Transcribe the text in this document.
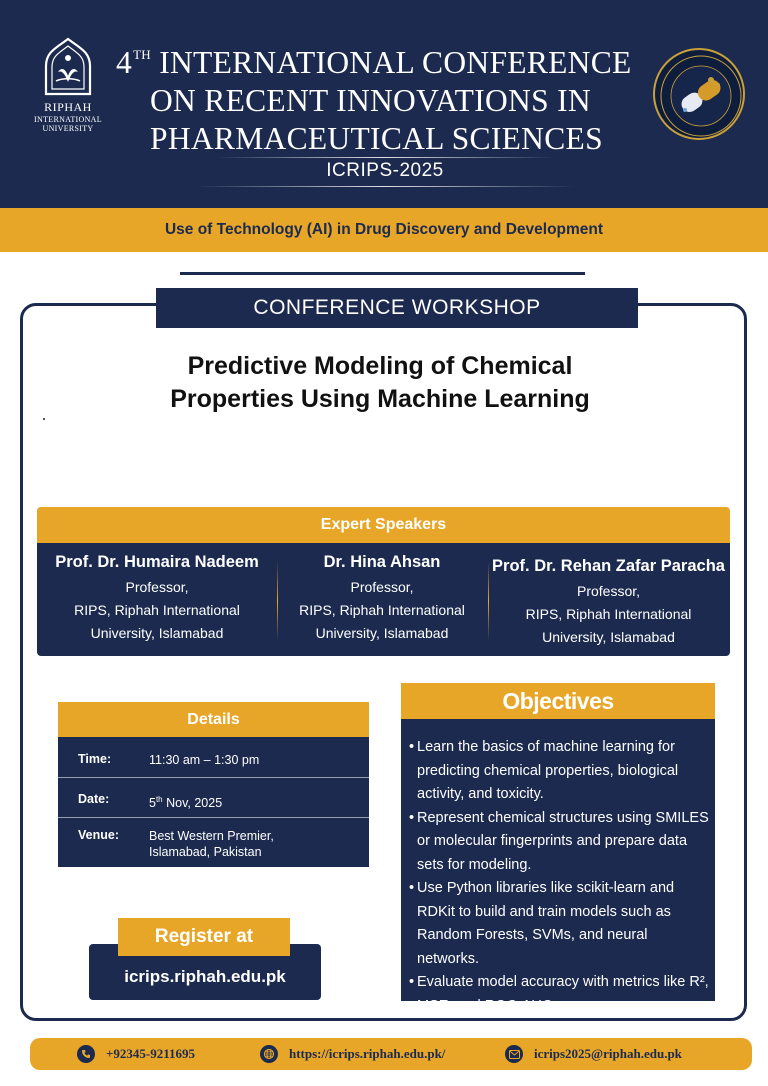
RIPHAH
INTERNATIONAL
UNIVERSITY
4TH INTERNATIONAL CONFERENCE
ON RECENT INNOVATIONS IN
PHARMACEUTICAL SCIENCES
ICRIPS-2025
Use of Technology (AI) in Drug Discovery and Development
CONFERENCE WORKSHOP
Predictive Modeling of Chemical
Properties Using Machine Learning
Expert Speakers
Prof. Dr. Humaira Nadeem
Professor,
RIPS, Riphah International
University, Islamabad
Dr. Hina Ahsan
Professor,
RIPS, Riphah International
University, Islamabad
Prof. Dr. Rehan Zafar Paracha
Professor,
RIPS, Riphah International
University, Islamabad
Details
Time:	11:30 am – 1:30 pm
Date:	5th Nov, 2025
Venue: Best Western Premier,
Islamabad, Pakistan
Objectives
• Learn the basics of machine learning for predicting chemical properties, biological activity, and toxicity.
• Represent chemical structures using SMILES or molecular fingerprints and prepare data sets for modeling.
• Use Python libraries like scikit-learn and RDKit to build and train models such as Random Forests, SVMs, and neural networks.
• Evaluate model accuracy with metrics like R², MSE, and ROC-AUC.
Register at
icrips.riphah.edu.pk
+92345-9211695	https://icrips.riphah.edu.pk/	icrips2025@riphah.edu.pk
